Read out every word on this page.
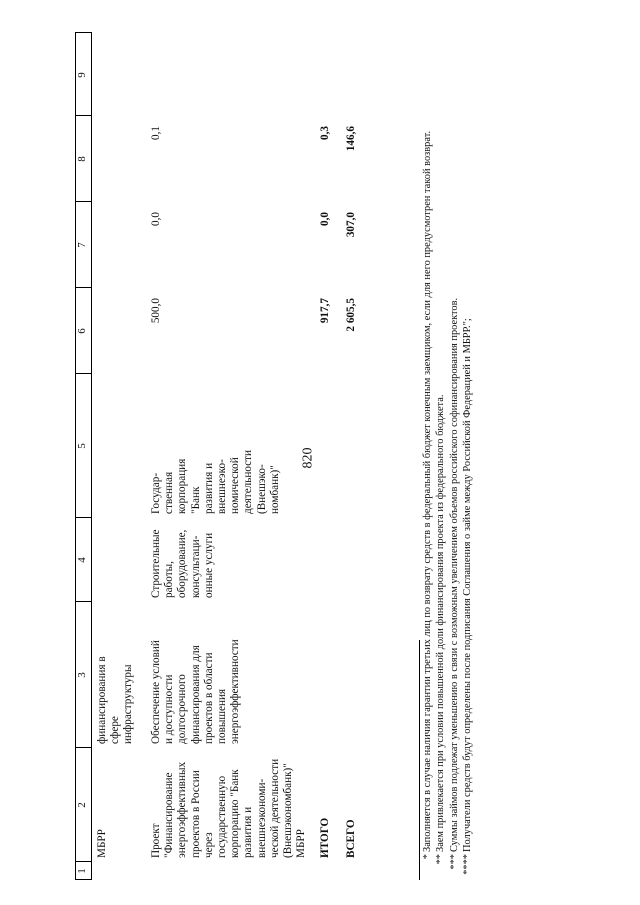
820
1
2
3
4
5
6
7
8
9
МБРР
финансирования в
сфере
инфраструктуры
Проект
"Финансирование
энергоэффективных
проектов в России
через
государственную
корпорацию "Банк
развития и
внешнеэкономи-
ческой деятельности
(Внешэкономбанк)"
МБРР
Обеспечение условий
и доступности
долгосрочного
финансирования для
проектов в области
повышения
энергоэффективности
Строительные
работы,
оборудование,
консультаци-
онные услуги
Государ-
ственная
корпорация
"Банк
развития и
внешнеэко-
номической
деятельности
(Внешэко-
номбанк)"
500,0
0,0
0,1
ИТОГО
917,7
0,0
0,3
ВСЕГО
2 605,5
307,0
146,6
*
Заполняется в случае наличия гарантии третьих лиц по возврату средств в федеральный бюджет конечным заемщиком, если для него предусмотрен такой возврат.
**
Заем привлекается при условии повышенной доли финансирования проекта из федерального бюджета.
***
Суммы займов подлежат уменьшению в связи с возможным увеличением объемов российского софинансирования проектов.
****
Получатели средств будут определены после подписания Соглашения о займе между Российской Федерацией и МБРР.";
